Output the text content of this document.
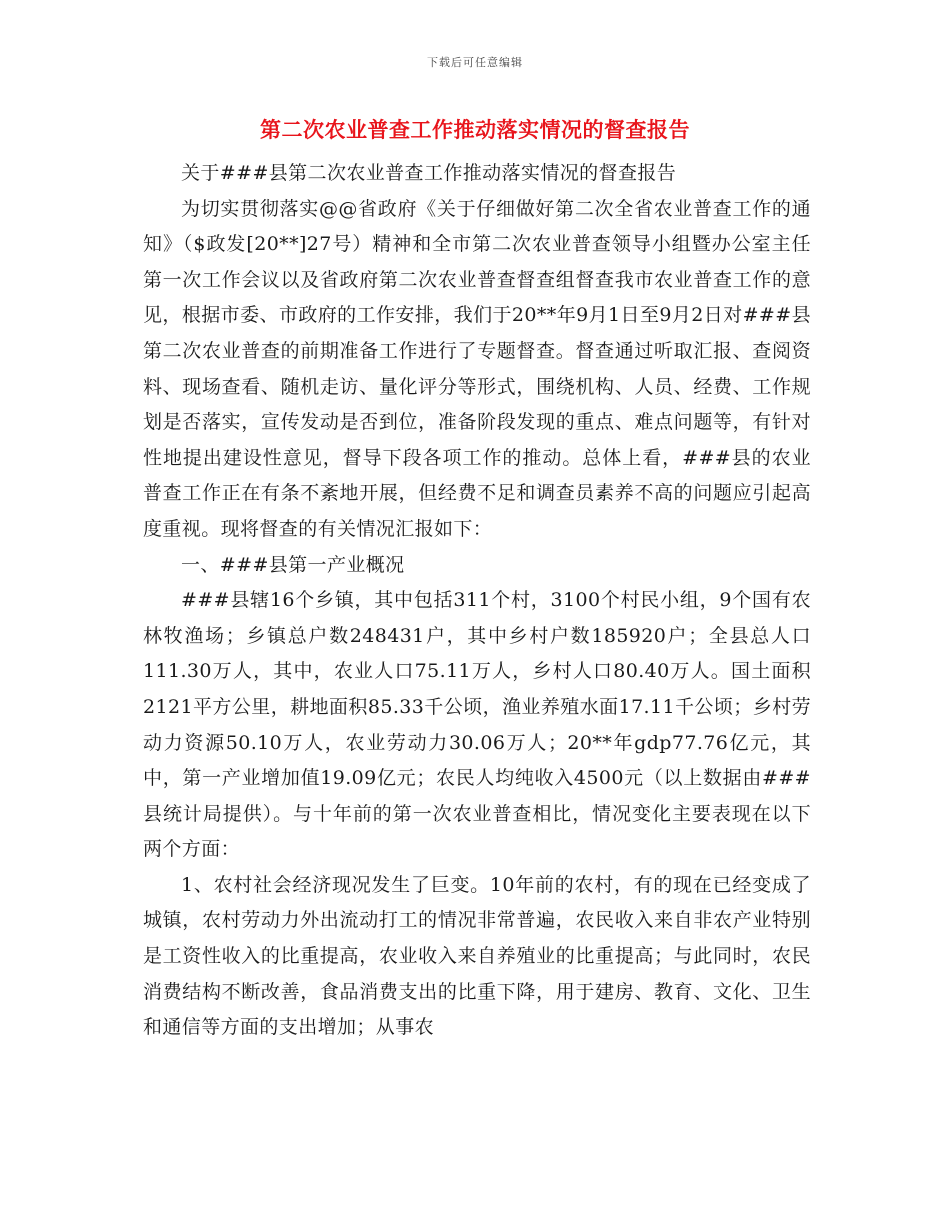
下载后可任意编辑
第二次农业普查工作推动落实情况的督查报告

关于###县第二次农业普查工作推动落实情况的督查报告

为切实贯彻落实@@省政府《关于仔细做好第二次全省农业普查工作的通知》（$政发[20**]27号）精神和全市第二次农业普查领导小组暨办公室主任第一次工作会议以及省政府第二次农业普查督查组督查我市农业普查工作的意见，根据市委、市政府的工作安排，我们于20**年9月1日至9月2日对###县第二次农业普查的前期准备工作进行了专题督查。督查通过听取汇报、查阅资料、现场查看、随机走访、量化评分等形式，围绕机构、人员、经费、工作规划是否落实，宣传发动是否到位，准备阶段发现的重点、难点问题等，有针对性地提出建设性意见，督导下段各项工作的推动。总体上看，###县的农业普查工作正在有条不紊地开展，但经费不足和调查员素养不高的问题应引起高度重视。现将督查的有关情况汇报如下：

一、###县第一产业概况

###县辖16个乡镇，其中包括311个村，3100个村民小组，9个国有农林牧渔场；乡镇总户数248431户，其中乡村户数185920户；全县总人口111.30万人，其中，农业人口75.11万人，乡村人口80.40万人。国土面积2121平方公里，耕地面积85.33千公顷，渔业养殖水面17.11千公顷；乡村劳动力资源50.10万人，农业劳动力30.06万人；20**年gdp77.76亿元，其中，第一产业增加值19.09亿元；农民人均纯收入4500元（以上数据由###县统计局提供）。与十年前的第一次农业普查相比，情况变化主要表现在以下两个方面：

1、农村社会经济现况发生了巨变。10年前的农村，有的现在已经变成了城镇，农村劳动力外出流动打工的情况非常普遍，农民收入来自非农产业特别是工资性收入的比重提高，农业收入来自养殖业的比重提高；与此同时，农民消费结构不断改善，食品消费支出的比重下降，用于建房、教育、文化、卫生和通信等方面的支出增加；从事农
